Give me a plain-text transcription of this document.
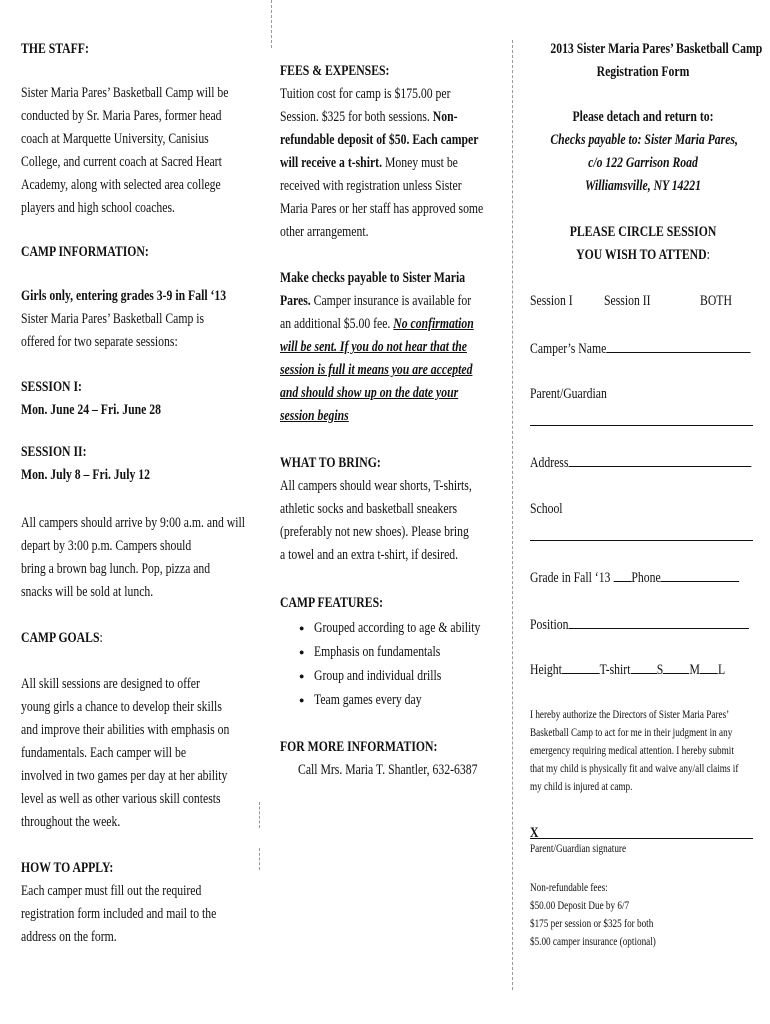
THE STAFF:
Sister Maria Pares’ Basketball Camp will be
conducted by Sr. Maria Pares, former head
coach at Marquette University, Canisius
College, and current coach at Sacred Heart
Academy, along with selected area college
players and high school coaches.
CAMP INFORMATION:
Girls only, entering grades 3-9 in Fall ‘13
Sister Maria Pares’ Basketball Camp is
offered for two separate sessions:
SESSION I:
Mon. June 24 – Fri. June 28
SESSION II:
Mon. July 8 – Fri. July 12
All campers should arrive by 9:00 a.m. and will
depart by 3:00 p.m. Campers should
bring a brown bag lunch. Pop, pizza and
snacks will be sold at lunch.
CAMP GOALS:
All skill sessions are designed to offer
young girls a chance to develop their skills
and improve their abilities with emphasis on
fundamentals. Each camper will be
involved in two games per day at her ability
level as well as other various skill contests
throughout the week.
HOW TO APPLY:
Each camper must fill out the required
registration form included and mail to the
address on the form.
FEES & EXPENSES:
Tuition cost for camp is $175.00 per
Session. $325 for both sessions. Non-
refundable deposit of $50. Each camper
will receive a t-shirt. Money must be
received with registration unless Sister
Maria Pares or her staff has approved some
other arrangement.
Make checks payable to Sister Maria
Pares. Camper insurance is available for
an additional $5.00 fee. No confirmation
will be sent. If you do not hear that the
session is full it means you are accepted
and should show up on the date your
session begins
WHAT TO BRING:
All campers should wear shorts, T-shirts,
athletic socks and basketball sneakers
(preferably not new shoes). Please bring
a towel and an extra t-shirt, if desired.
CAMP FEATURES:
● Grouped according to age & ability
● Emphasis on fundamentals
● Group and individual drills
● Team games every day
FOR MORE INFORMATION:
Call Mrs. Maria T. Shantler, 632-6387
2013 Sister Maria Pares’ Basketball Camp
Registration Form
Please detach and return to:
Checks payable to: Sister Maria Pares,
c/o 122 Garrison Road
Williamsville, NY 14221
PLEASE CIRCLE SESSION
YOU WISH TO ATTEND:
Session I Session II	BOTH
Camper’s Name
Parent/Guardian
Address
School
Grade in Fall ‘13 Phone
Position
Height	T-shirt S M L
I hereby authorize the Directors of Sister Maria Pares’
Basketball Camp to act for me in their judgment in any
emergency requiring medical attention. I hereby submit
that my child is physically fit and waive any/all claims if
my child is injured at camp.
X
Parent/Guardian signature
Non-refundable fees:
$50.00 Deposit Due by 6/7
$175 per session or $325 for both
$5.00 camper insurance (optional)
